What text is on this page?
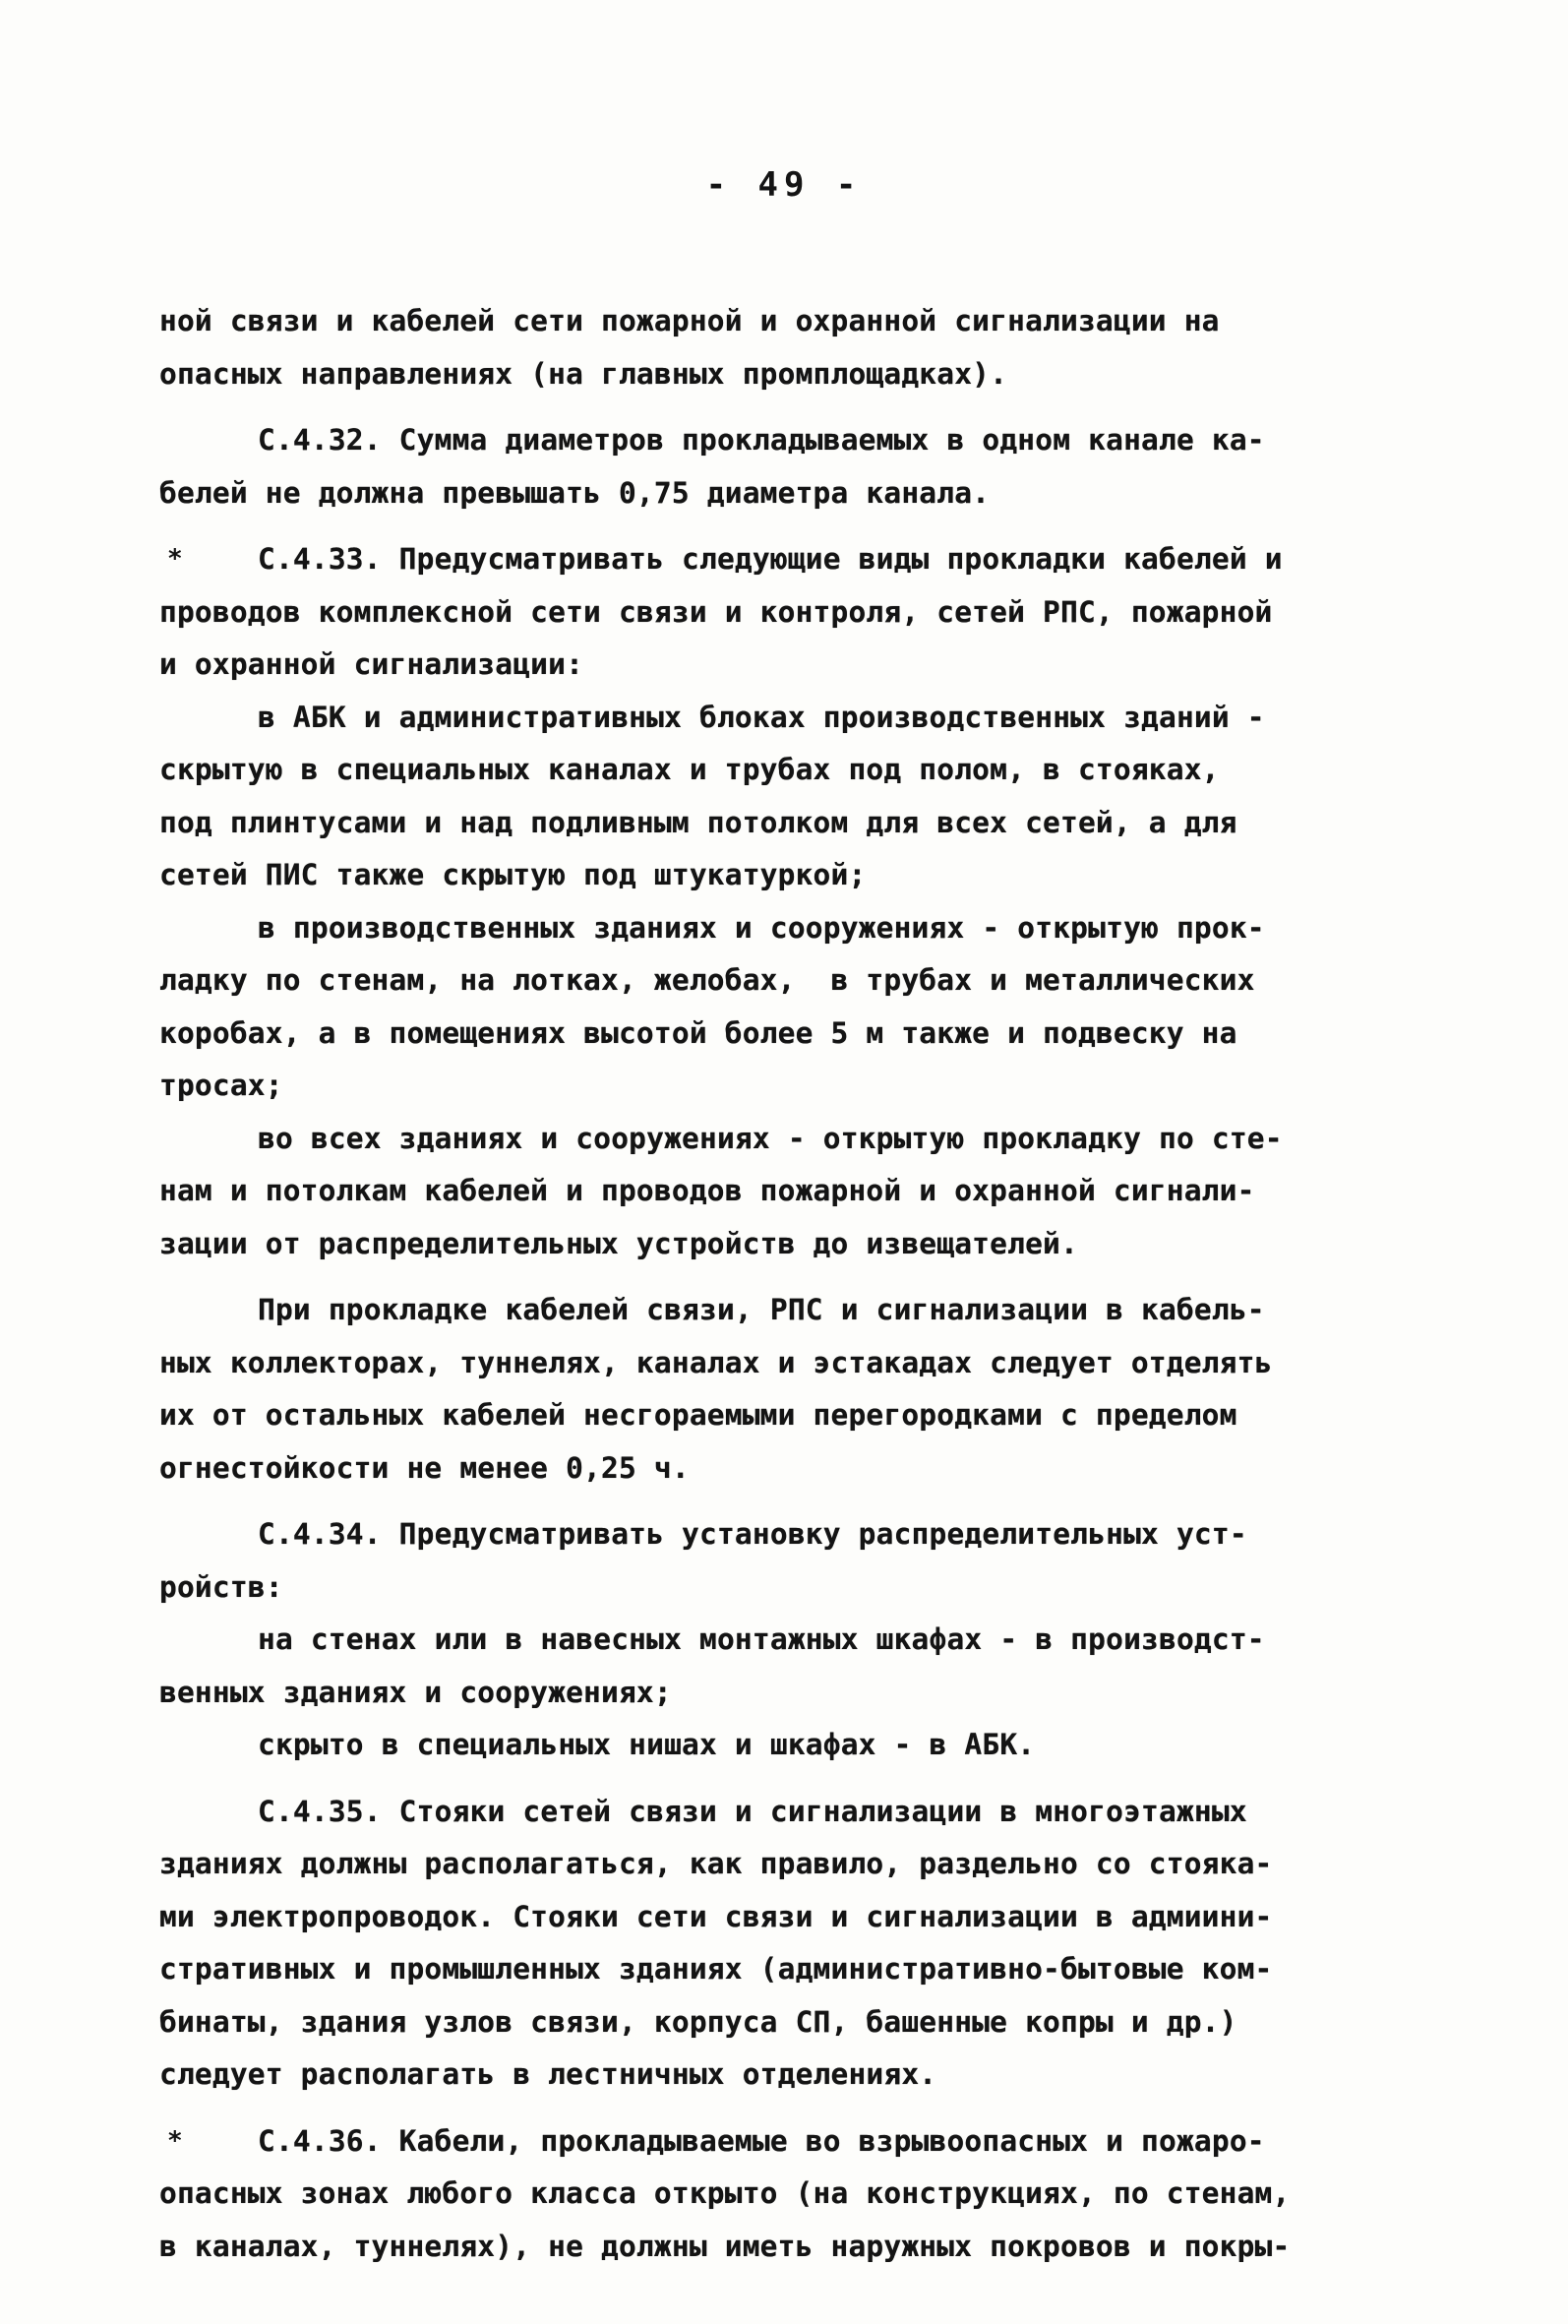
- 49 -
ной связи и кабелей сети пожарной и охранной сигнализации на
опасных направлениях (на главных промплощадках).
С.4.32. Сумма диаметров прокладываемых в одном канале ка-
белей не должна превышать 0,75 диаметра канала.
*	С.4.33. Предусматривать следующие виды прокладки кабелей и
проводов комплексной сети связи и контроля, сетей РПС, пожарной
и охранной сигнализации:
в АБК и административных блоках производственных зданий -
скрытую в специальных каналах и трубах под полом, в стояках,
под плинтусами и над подливным потолком для всех сетей, а для
сетей ПИС также скрытую под штукатуркой;
в производственных зданиях и сооружениях - открытую прок-
ладку по стенам, на лотках, желобах,  в трубах и металлических
коробах, а в помещениях высотой более 5 м также и подвеску на
тросах;
во всех зданиях и сооружениях - открытую прокладку по сте-
нам и потолкам кабелей и проводов пожарной и охранной сигнали-
зации от распределительных устройств до извещателей.
При прокладке кабелей связи, РПС и сигнализации в кабель-
ных коллекторах, туннелях, каналах и эстакадах следует отделять
их от остальных кабелей несгораемыми перегородками с пределом
огнестойкости не менее 0,25 ч.
С.4.34. Предусматривать установку распределительных уст-
ройств:
на стенах или в навесных монтажных шкафах - в производст-
венных зданиях и сооружениях;
скрыто в специальных нишах и шкафах - в АБК.
С.4.35. Стояки сетей связи и сигнализации в многоэтажных
зданиях должны располагаться, как правило, раздельно со стояка-
ми электропроводок. Стояки сети связи и сигнализации в адмиини-
стративных и промышленных зданиях (административно-бытовые ком-
бинаты, здания узлов связи, корпуса СП, башенные копры и др.)
следует располагать в лестничных отделениях.
*	С.4.36. Кабели, прокладываемые во взрывоопасных и пожаро-
опасных зонах любого класса открыто (на конструкциях, по стенам,
в каналах, туннелях), не должны иметь наружных покровов и покры-
